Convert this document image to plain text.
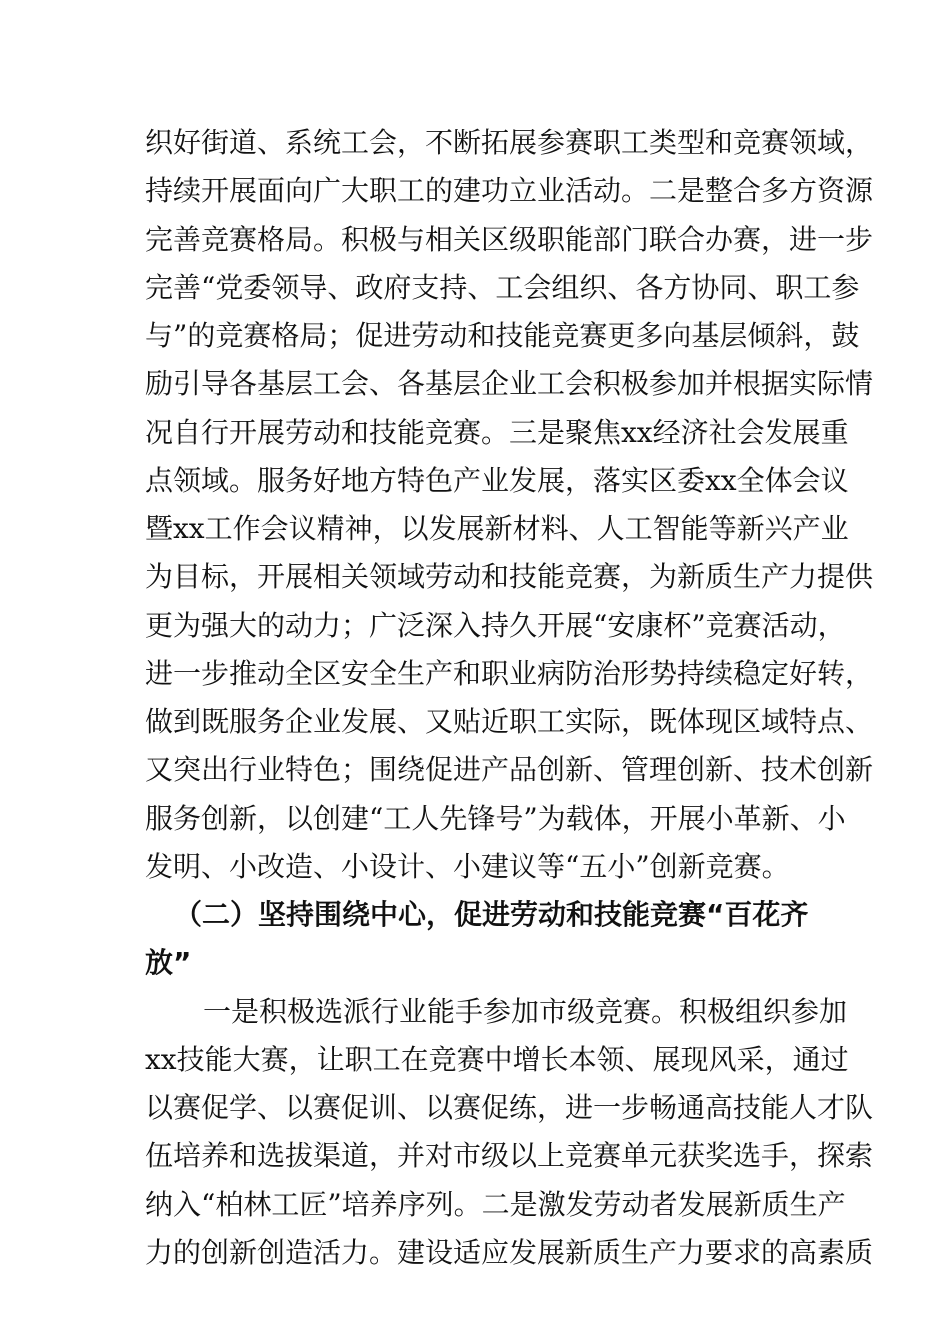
织好街道、系统工会，不断拓展参赛职工类型和竞赛领域，
持续开展面向广大职工的建功立业活动。二是整合多方资源
完善竞赛格局。积极与相关区级职能部门联合办赛，进一步
完善“党委领导、政府支持、工会组织、各方协同、职工参
与”的竞赛格局；促进劳动和技能竞赛更多向基层倾斜，鼓
励引导各基层工会、各基层企业工会积极参加并根据实际情
况自行开展劳动和技能竞赛。三是聚焦xx经济社会发展重
点领域。服务好地方特色产业发展，落实区委xx全体会议
暨xx工作会议精神，以发展新材料、人工智能等新兴产业
为目标，开展相关领域劳动和技能竞赛，为新质生产力提供
更为强大的动力；广泛深入持久开展“安康杯”竞赛活动，
进一步推动全区安全生产和职业病防治形势持续稳定好转，
做到既服务企业发展、又贴近职工实际，既体现区域特点、
又突出行业特色；围绕促进产品创新、管理创新、技术创新
服务创新，以创建“工人先锋号”为载体，开展小革新、小
发明、小改造、小设计、小建议等“五小”创新竞赛。
（二）坚持围绕中心，促进劳动和技能竞赛“百花齐
放”
一是积极选派行业能手参加市级竞赛。积极组织参加
xx技能大赛，让职工在竞赛中增长本领、展现风采，通过
以赛促学、以赛促训、以赛促练，进一步畅通高技能人才队
伍培养和选拔渠道，并对市级以上竞赛单元获奖选手，探索
纳入“柏林工匠”培养序列。二是激发劳动者发展新质生产
力的创新创造活力。建设适应发展新质生产力要求的高素质
